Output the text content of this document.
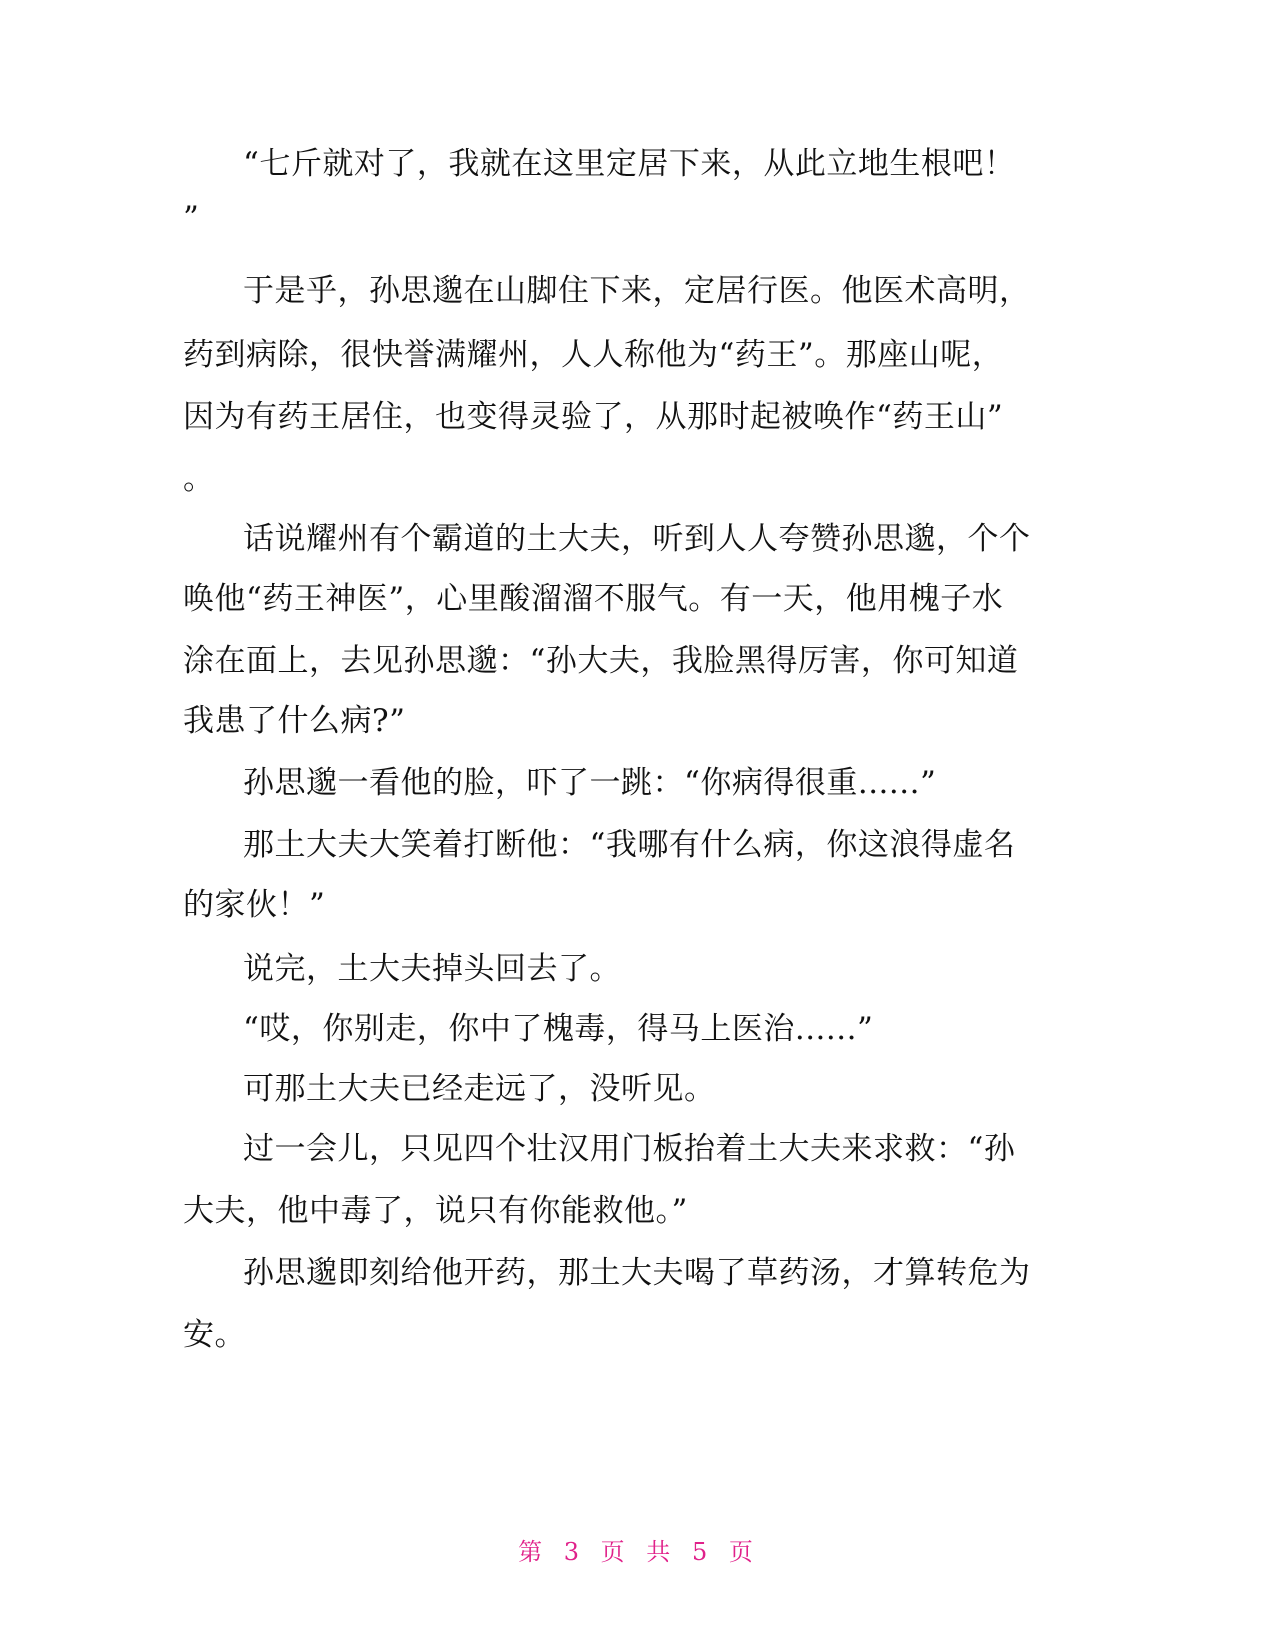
“七斤就对了，我就在这里定居下来，从此立地生根吧！
”
于是乎，孙思邈在山脚住下来，定居行医。他医术高明，
药到病除，很快誉满耀州，人人称他为“药王”。那座山呢，
因为有药王居住，也变得灵验了，从那时起被唤作“药王山”
。
话说耀州有个霸道的土大夫，听到人人夸赞孙思邈，个个
唤他“药王神医”，心里酸溜溜不服气。有一天，他用槐子水
涂在面上，去见孙思邈：“孙大夫，我脸黑得厉害，你可知道
我患了什么病?”
孙思邈一看他的脸，吓了一跳：“你病得很重......”
那土大夫大笑着打断他：“我哪有什么病，你这浪得虚名
的家伙！”
说完，土大夫掉头回去了。
“哎，你别走，你中了槐毒，得马上医治......”
可那土大夫已经走远了，没听见。
过一会儿，只见四个壮汉用门板抬着土大夫来求救：“孙
大夫，他中毒了，说只有你能救他。”
孙思邈即刻给他开药，那土大夫喝了草药汤，才算转危为
安。
第 3 页 共 5 页
